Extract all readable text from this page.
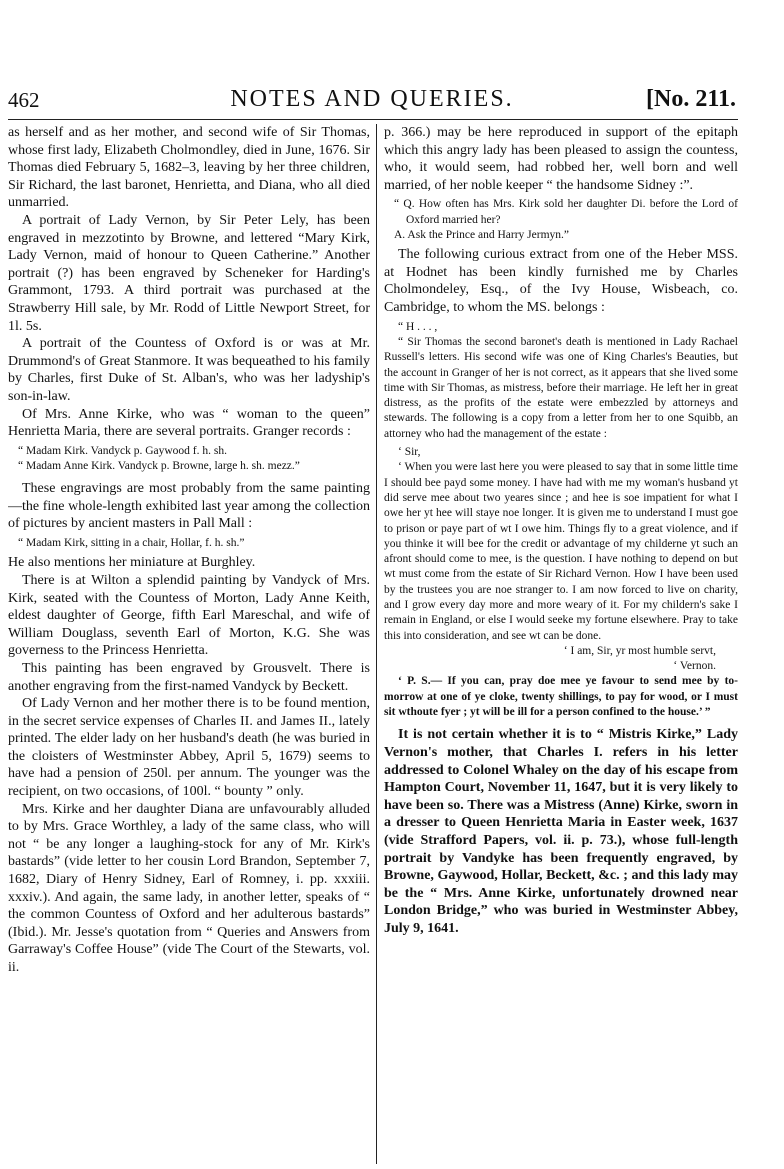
462	NOTES AND QUERIES.	[No. 211.

as herself and as her mother, and second wife of Sir Thomas, whose first lady, Elizabeth Cholmondley, died in June, 1676. Sir Thomas died February 5, 1682–3, leaving by her three children, Sir Richard, the last baronet, Henrietta, and Diana, who all died unmarried.

A portrait of Lady Vernon, by Sir Peter Lely, has been engraved in mezzotinto by Browne, and lettered “Mary Kirk, Lady Vernon, maid of honour to Queen Catherine.” Another portrait (?) has been engraved by Scheneker for Harding's Grammont, 1793. A third portrait was purchased at the Strawberry Hill sale, by Mr. Rodd of Little Newport Street, for 1l. 5s.

A portrait of the Countess of Oxford is or was at Mr. Drummond's of Great Stanmore. It was bequeathed to his family by Charles, first Duke of St. Alban's, who was her ladyship's son-in-law.

Of Mrs. Anne Kirke, who was “ woman to the queen” Henrietta Maria, there are several portraits. Granger records :

“ Madam Kirk. Vandyck p. Gaywood f. h. sh.

“ Madam Anne Kirk. Vandyck p. Browne, large h. sh. mezz.”

These engravings are most probably from the same painting—the fine whole-length exhibited last year among the collection of pictures by ancient masters in Pall Mall :

“ Madam Kirk, sitting in a chair, Hollar, f. h. sh.”

He also mentions her miniature at Burghley.

There is at Wilton a splendid painting by Vandyck of Mrs. Kirk, seated with the Countess of Morton, Lady Anne Keith, eldest daughter of George, fifth Earl Mareschal, and wife of William Douglass, seventh Earl of Morton, K.G. She was governess to the Princess Henrietta.

This painting has been engraved by Grousvelt. There is another engraving from the first-named Vandyck by Beckett.

Of Lady Vernon and her mother there is to be found mention, in the secret service expenses of Charles II. and James II., lately printed. The elder lady on her husband's death (he was buried in the cloisters of Westminster Abbey, April 5, 1679) seems to have had a pension of 250l. per annum. The younger was the recipient, on two occasions, of 100l. “ bounty ” only.

Mrs. Kirke and her daughter Diana are unfavourably alluded to by Mrs. Grace Worthley, a lady of the same class, who will not “ be any longer a laughing-stock for any of Mr. Kirk's bastards” (vide letter to her cousin Lord Brandon, September 7, 1682, Diary of Henry Sidney, Earl of Romney, i. pp. xxxiii. xxxiv.). And again, the same lady, in another letter, speaks of “ the common Countess of Oxford and her adulterous bastards” (Ibid.). Mr. Jesse's quotation from “ Queries and Answers from Garraway's Coffee House” (vide The Court of the Stewarts, vol. ii.

p. 366.) may be here reproduced in support of the epitaph which this angry lady has been pleased to assign the countess, who, it would seem, had robbed her, well born and well married, of her noble keeper “ the handsome Sidney :”.

“ Q. How often has Mrs. Kirk sold her daughter Di. before the Lord of Oxford married her?

A. Ask the Prince and Harry Jermyn.”

The following curious extract from one of the Heber MSS. at Hodnet has been kindly furnished me by Charles Cholmondeley, Esq., of the Ivy House, Wisbeach, co. Cambridge, to whom the MS. belongs :

“ H . . . ,

“ Sir Thomas the second baronet's death is mentioned in Lady Rachael Russell's letters. His second wife was one of King Charles's Beauties, but the account in Granger of her is not correct, as it appears that she lived some time with Sir Thomas, as mistress, before their marriage. He left her in great distress, as the profits of the estate were embezzled by attorneys and stewards. The following is a copy from a letter from her to one Squibb, an attorney who had the management of the estate :

‘ Sir,

‘ When you were last here you were pleased to say that in some little time I should bee payd some money. I have had with me my woman's husband yt did serve mee about two yeares since ; and hee is soe impatient for what I owe her yt hee will staye noe longer. It is given me to understand I must goe to prison or paye part of wt I owe him. Things fly to a great violence, and if you thinke it will bee for the credit or advantage of my childerne yt such an afront should come to mee, is the question. I have nothing to depend on but wt must come from the estate of Sir Richard Vernon. How I have been used by the trustees you are noe stranger to. I am now forced to live on charity, and I grow every day more and more weary of it. For my childern's sake I remain in England, or else I would seeke my fortune elsewhere. Pray to take this into consideration, and see wt can be done.

‘ I am, Sir, yr most humble servt,

‘ Vernon.

‘ P. S.— If you can, pray doe mee ye favour to send mee by to-morrow at one of ye cloke, twenty shillings, to pay for wood, or I must sit wthoute fyer ; yt will be ill for a person confined to the house.’ ”

It is not certain whether it is to “ Mistris Kirke,” Lady Vernon's mother, that Charles I. refers in his letter addressed to Colonel Whaley on the day of his escape from Hampton Court, November 11, 1647, but it is very likely to have been so. There was a Mistress (Anne) Kirke, sworn in a dresser to Queen Henrietta Maria in Easter week, 1637 (vide Strafford Papers, vol. ii. p. 73.), whose full-length portrait by Vandyke has been frequently engraved, by Browne, Gaywood, Hollar, Beckett, &c. ; and this lady may be the “ Mrs. Anne Kirke, unfortunately drowned near London Bridge,” who was buried in Westminster Abbey, July 9, 1641.
